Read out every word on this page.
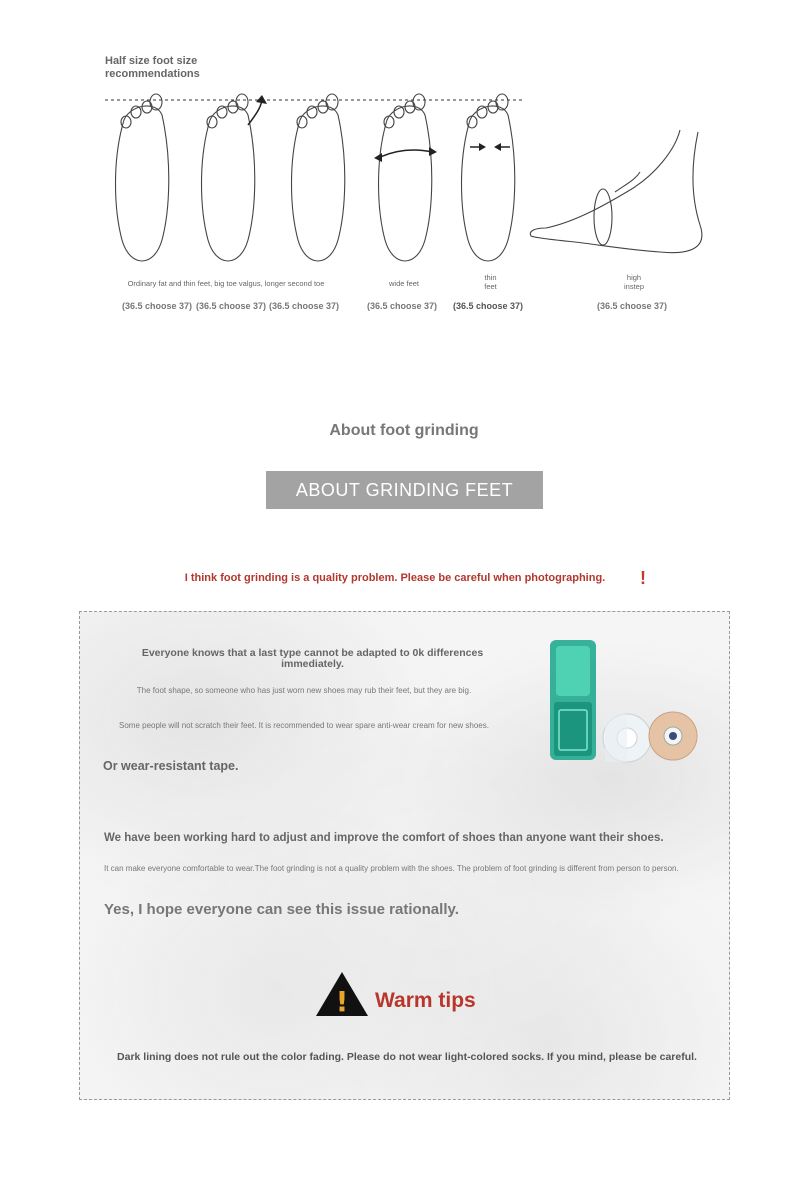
Half size foot size recommendations
Ordinary fat and thin feet, big toe valgus, longer second toe	wide feet
thin feet
high instep
(36.5 choose 37) (36.5 choose 37) (36.5 choose 37)	(36.5 choose 37)	(36.5 choose 37)	(36.5 choose 37)
About foot grinding
ABOUT GRINDING FEET
I think foot grinding is a quality problem. Please be careful when photographing.	!
Everyone knows that a last type cannot be adapted to 0k differences immediately.
The foot shape, so someone who has just worn new shoes may rub their feet, but they are big.
Some people will not scratch their feet. It is recommended to wear spare anti-wear cream for new shoes.
Or wear-resistant tape.
We have been working hard to adjust and improve the comfort of shoes than anyone want their shoes.
It can make everyone comfortable to wear.The foot grinding is not a quality problem with the shoes. The problem of foot grinding is different from person to person.
Yes, I hope everyone can see this issue rationally.
! Warm tips
Dark lining does not rule out the color fading. Please do not wear light-colored socks. If you mind, please be careful.
